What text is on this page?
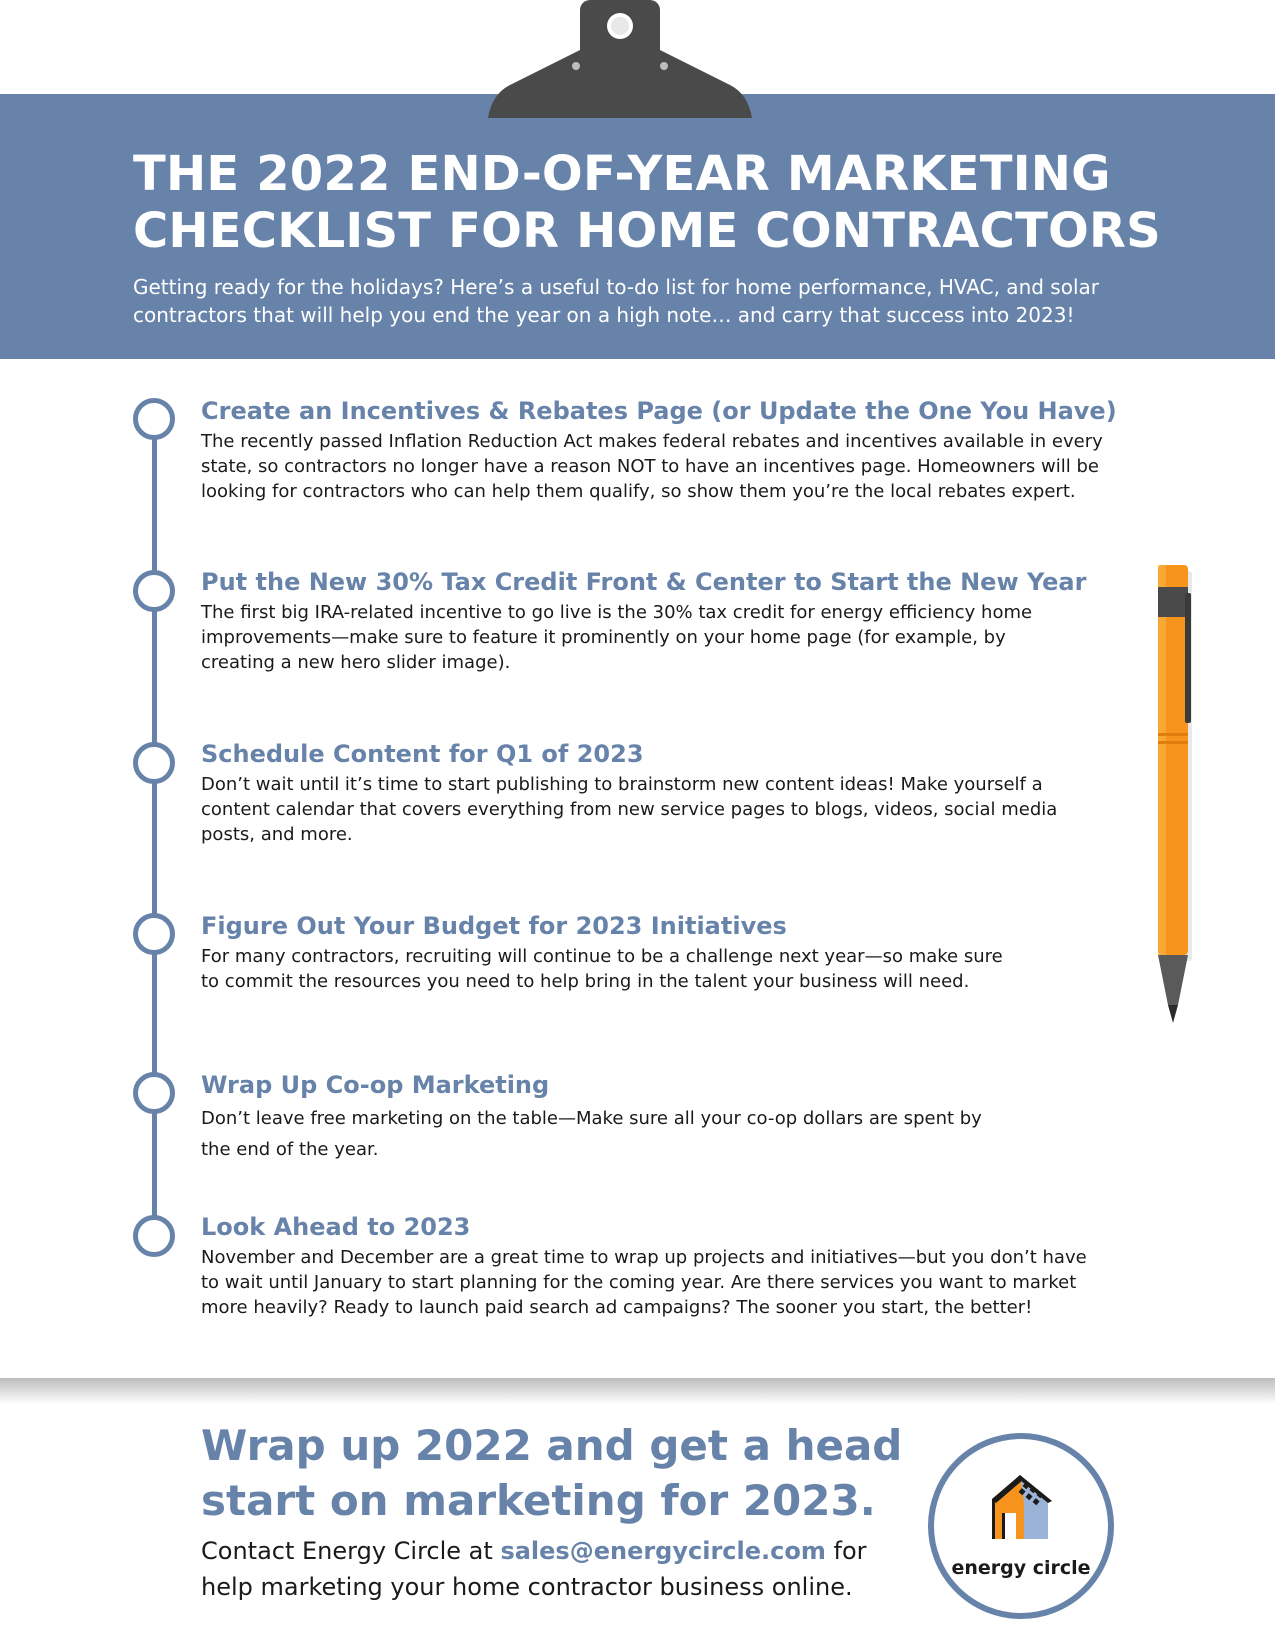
THE 2022 END-OF-YEAR MARKETING
CHECKLIST FOR HOME CONTRACTORS

Getting ready for the holidays? Here’s a useful to-do list for home performance, HVAC, and solar
contractors that will help you end the year on a high note… and carry that success into 2023!

Create an Incentives & Rebates Page (or Update the One You Have)

The recently passed Inflation Reduction Act makes federal rebates and incentives available in every
state, so contractors no longer have a reason NOT to have an incentives page. Homeowners will be
looking for contractors who can help them qualify, so show them you’re the local rebates expert.

Put the New 30% Tax Credit Front & Center to Start the New Year

The first big IRA-related incentive to go live is the 30% tax credit for energy efficiency home
improvements—make sure to feature it prominently on your home page (for example, by
creating a new hero slider image).

Schedule Content for Q1 of 2023

Don’t wait until it’s time to start publishing to brainstorm new content ideas! Make yourself a
content calendar that covers everything from new service pages to blogs, videos, social media
posts, and more.

Figure Out Your Budget for 2023 Initiatives

For many contractors, recruiting will continue to be a challenge next year—so make sure
to commit the resources you need to help bring in the talent your business will need.

Wrap Up Co-op Marketing

Don’t leave free marketing on the table—Make sure all your co-op dollars are spent by
the end of the year.

Look Ahead to 2023

November and December are a great time to wrap up projects and initiatives—but you don’t have
to wait until January to start planning for the coming year. Are there services you want to market
more heavily? Ready to launch paid search ad campaigns? The sooner you start, the better!

Wrap up 2022 and get a head
start on marketing for 2023.

Contact Energy Circle at sales@energycircle.com for
help marketing your home contractor business online.

energy circle
